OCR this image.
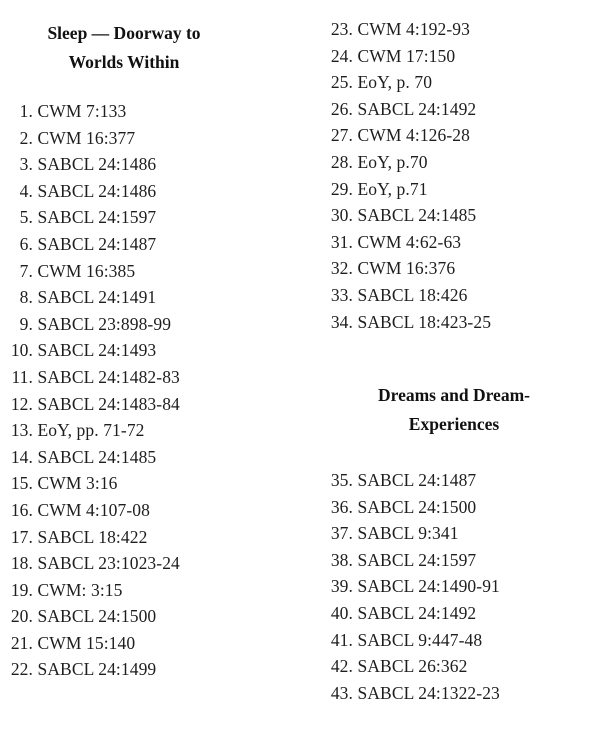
Sleep — Doorway to
Worlds Within
1. CWM 7:133
2. CWM 16:377
3. SABCL 24:1486
4. SABCL 24:1486
5. SABCL 24:1597
6. SABCL 24:1487
7. CWM 16:385
8. SABCL 24:1491
9. SABCL 23:898-99
10. SABCL 24:1493
11. SABCL 24:1482-83
12. SABCL 24:1483-84
13. EoY, pp. 71-72
14. SABCL 24:1485
15. CWM 3:16
16. CWM 4:107-08
17. SABCL 18:422
18. SABCL 23:1023-24
19. CWM: 3:15
20. SABCL 24:1500
21. CWM 15:140
22. SABCL 24:1499
23. CWM 4:192-93
24. CWM 17:150
25. EoY, p. 70
26. SABCL 24:1492
27. CWM 4:126-28
28. EoY, p.70
29. EoY, p.71
30. SABCL 24:1485
31. CWM 4:62-63
32. CWM 16:376
33. SABCL 18:426
34. SABCL 18:423-25
Dreams and Dream-
Experiences
35. SABCL 24:1487
36. SABCL 24:1500
37. SABCL 9:341
38. SABCL 24:1597
39. SABCL 24:1490-91
40. SABCL 24:1492
41. SABCL 9:447-48
42. SABCL 26:362
43. SABCL 24:1322-23
